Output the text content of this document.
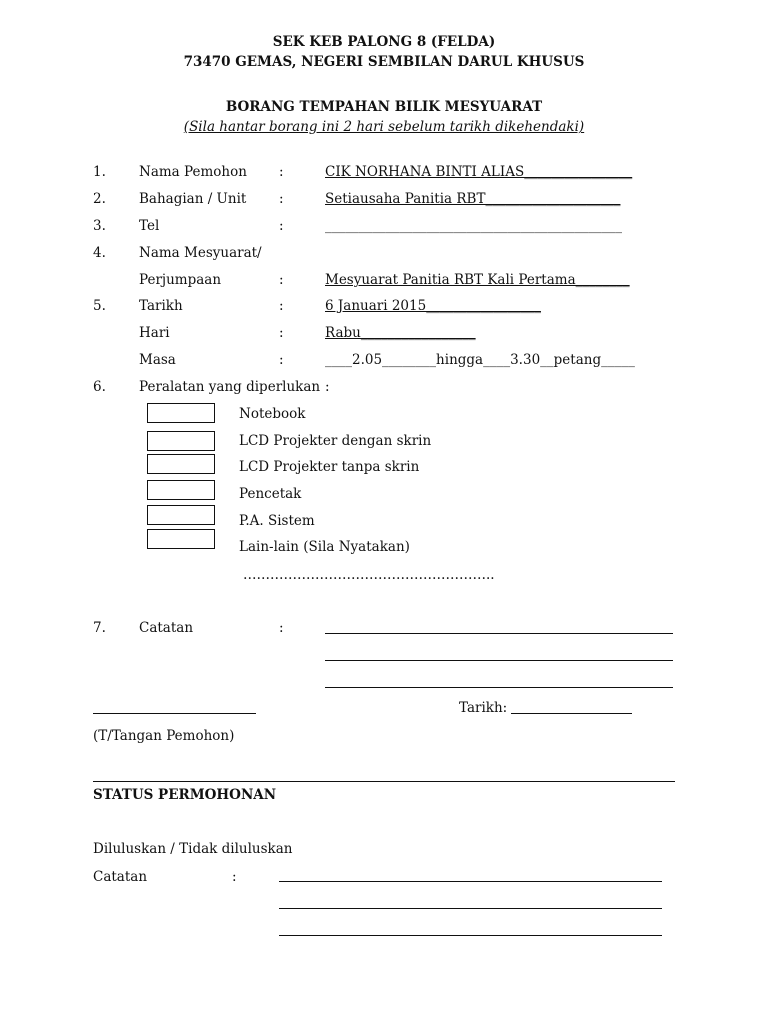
SEK KEB PALONG 8 (FELDA)
73470 GEMAS, NEGERI SEMBILAN DARUL KHUSUS
BORANG TEMPAHAN BILIK MESYUARAT
(Sila hantar borang ini 2 hari sebelum tarikh dikehendaki)
1. Nama Pemohon :	CIK NORHANA BINTI ALIAS________________
2. Bahagian / Unit :	Setiausaha Panitia RBT____________________
3. Tel	:	____________________________________________
4. Nama Mesyuarat/
Perjumpaan	:	Mesyuarat Panitia RBT Kali Pertama________
5. Tarikh	:	6 Januari 2015_________________
Hari	:	Rabu_________________
Masa	:	____2.05________hingga____3.30__petang_____
6. Peralatan yang diperlukan :
Notebook
LCD Projekter dengan skrin
LCD Projekter tanpa skrin
Pencetak
P.A. Sistem
Lain-lain (Sila Nyatakan)
………………………………………………..
7. Catatan	:
Tarikh:
(T/Tangan Pemohon)
STATUS PERMOHONAN
Diluluskan / Tidak diluluskan
Catatan	:
